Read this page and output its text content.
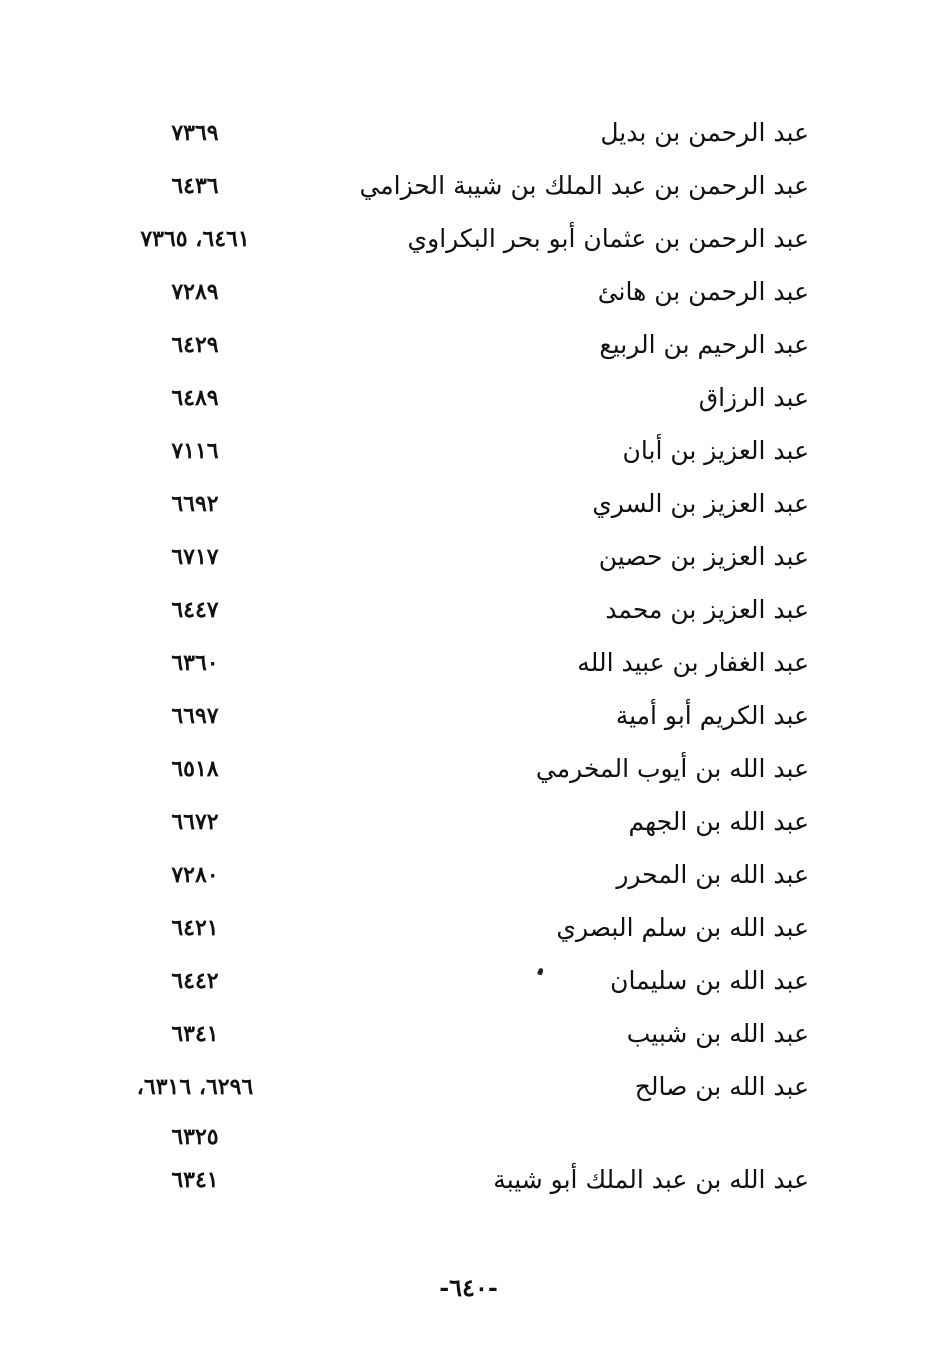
عبد الرحمن بن بديل
٧٣٦٩
عبد الرحمن بن عبد الملك بن شيبة الحزامي
٦٤٣٦
عبد الرحمن بن عثمان أبو بحر البكراوي
٦٤٦١، ٧٣٦٥
عبد الرحمن بن هانئ
٧٢٨٩
عبد الرحيم بن الربيع
٦٤٢٩
عبد الرزاق
٦٤٨٩
عبد العزيز بن أبان
٧١١٦
عبد العزيز بن السري
٦٦٩٢
عبد العزيز بن حصين
٦٧١٧
عبد العزيز بن محمد
٦٤٤٧
عبد الغفار بن عبيد الله
٦٣٦٠
عبد الكريم أبو أمية
٦٦٩٧
عبد الله بن أيوب المخرمي
٦٥١٨
عبد الله بن الجهم
٦٦٧٢
عبد الله بن المحرر
٧٢٨٠
عبد الله بن سلم البصري
٦٤٢١
عبد الله بن سليمان
٦٤٤٢
عبد الله بن شبيب
٦٣٤١
عبد الله بن صالح
٦٢٩٦، ٦٣١٦،
٦٣٢٥
عبد الله بن عبد الملك أبو شيبة
٦٣٤١
-٦٤٠-
